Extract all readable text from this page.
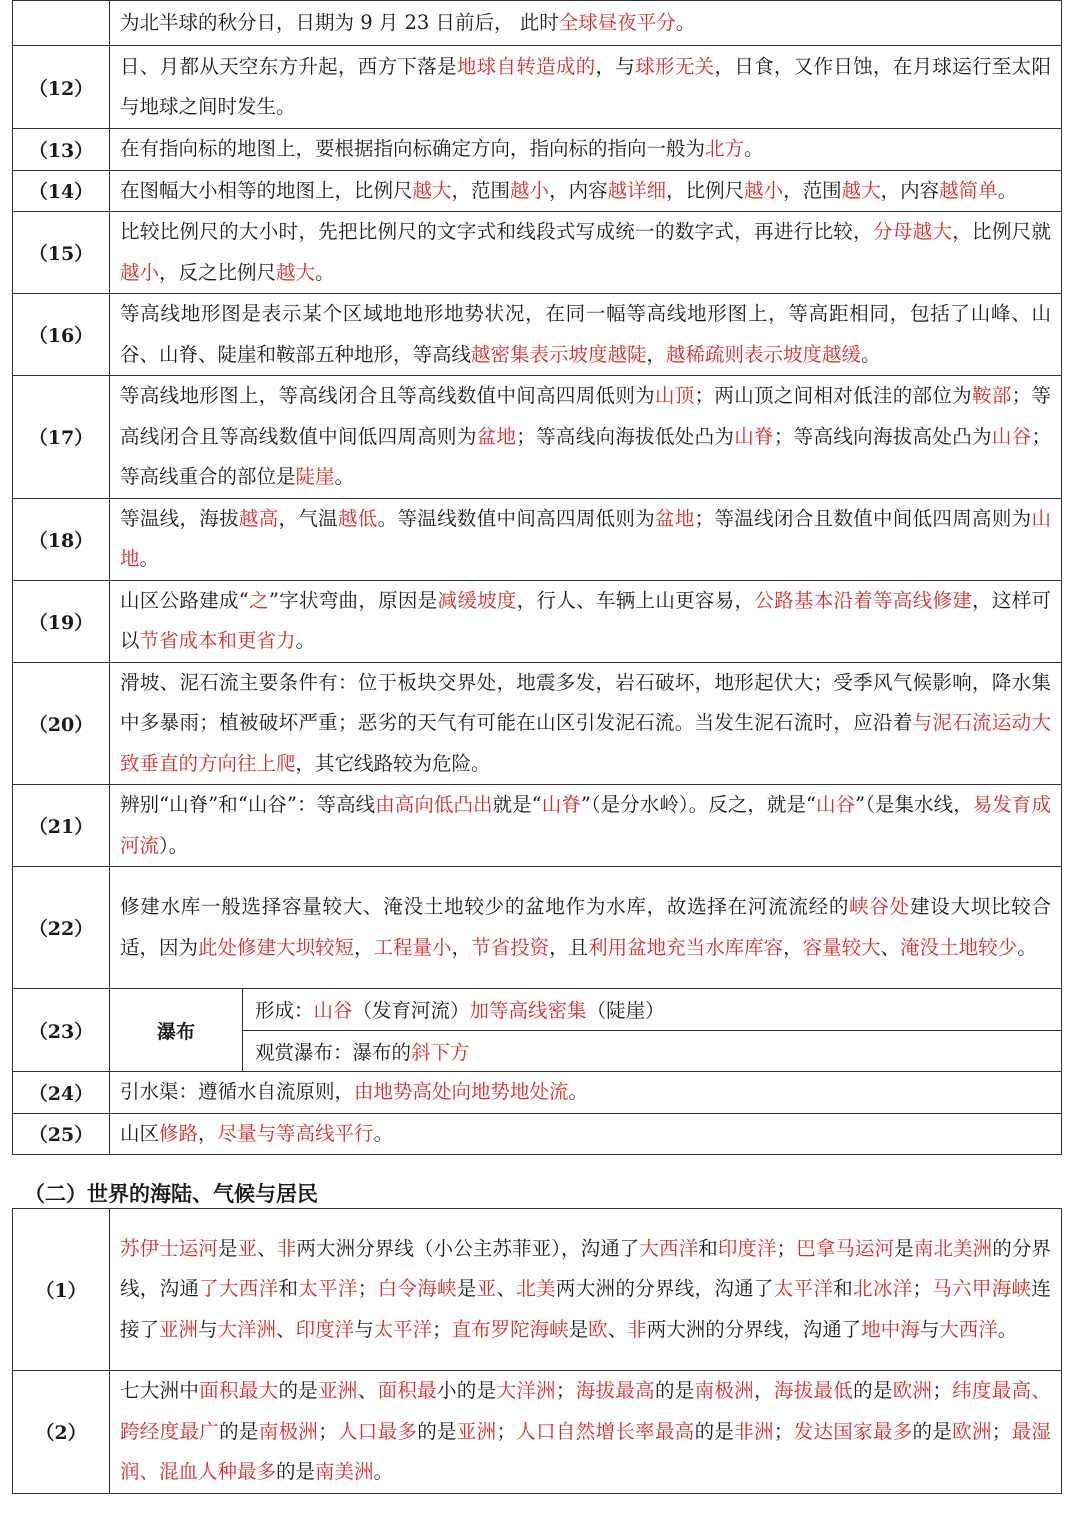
	为北半球的秋分日，日期为 9 月 23 日前后， 此时全球昼夜平分。
（12）	日、月都从天空东方升起，西方下落是地球自转造成的，与球形无关，日食，又作日蚀，在月球运行至太阳与地球之间时发生。
（13）	在有指向标的地图上，要根据指向标确定方向，指向标的指向一般为北方。
（14）	在图幅大小相等的地图上，比例尺越大，范围越小，内容越详细，比例尺越小，范围越大，内容越简单。
（15）	比较比例尺的大小时，先把比例尺的文字式和线段式写成统一的数字式，再进行比较，分母越大，比例尺就越小，反之比例尺越大。
（16）	等高线地形图是表示某个区域地地形地势状况，在同一幅等高线地形图上，等高距相同，包括了山峰、山谷、山脊、陡崖和鞍部五种地形，等高线越密集表示坡度越陡，越稀疏则表示坡度越缓。
（17）	等高线地形图上，等高线闭合且等高线数值中间高四周低则为山顶；两山顶之间相对低洼的部位为鞍部；等高线闭合且等高线数值中间低四周高则为盆地；等高线向海拔低处凸为山脊；等高线向海拔高处凸为山谷；等高线重合的部位是陡崖。
（18）	等温线，海拔越高，气温越低。等温线数值中间高四周低则为盆地；等温线闭合且数值中间低四周高则为山地。
（19）	山区公路建成“之”字状弯曲，原因是减缓坡度，行人、车辆上山更容易，公路基本沿着等高线修建，这样可以节省成本和更省力。
（20）	滑坡、泥石流主要条件有：位于板块交界处，地震多发，岩石破坏，地形起伏大；受季风气候影响，降水集中多暴雨；植被破坏严重；恶劣的天气有可能在山区引发泥石流。当发生泥石流时，应沿着与泥石流运动大致垂直的方向往上爬，其它线路较为危险。
（21）	辨别“山脊”和“山谷”：等高线由高向低凸出就是“山脊”（是分水岭）。反之，就是“山谷”（是集水线，易发育成河流）。
（22）	修建水库一般选择容量较大、淹没土地较少的盆地作为水库，故选择在河流流经的峡谷处建设大坝比较合适，因为此处修建大坝较短，工程量小，节省投资，且利用盆地充当水库库容，容量较大、淹没土地较少。
（23）		瀑布	形成：山谷（发育河流）加等高线密集（陡崖）
观赏瀑布：瀑布的斜下方

（24）	引水渠：遵循水自流原则，由地势高处向地势地处流。
（25）	山区修路，尽量与等高线平行。
（二）世界的海陆、气候与居民
（1）	苏伊士运河是亚、非两大洲分界线（小公主苏菲亚），沟通了大西洋和印度洋；巴拿马运河是南北美洲的分界线，沟通了大西洋和太平洋；白令海峡是亚、北美两大洲的分界线，沟通了太平洋和北冰洋；马六甲海峡连接了亚洲与大洋洲、印度洋与太平洋；直布罗陀海峡是欧、非两大洲的分界线，沟通了地中海与大西洋。
（2）	七大洲中面积最大的是亚洲、面积最小的是大洋洲；海拔最高的是南极洲，海拔最低的是欧洲；纬度最高、跨经度最广的是南极洲；人口最多的是亚洲；人口自然增长率最高的是非洲；发达国家最多的是欧洲；最湿润、混血人种最多的是南美洲。
